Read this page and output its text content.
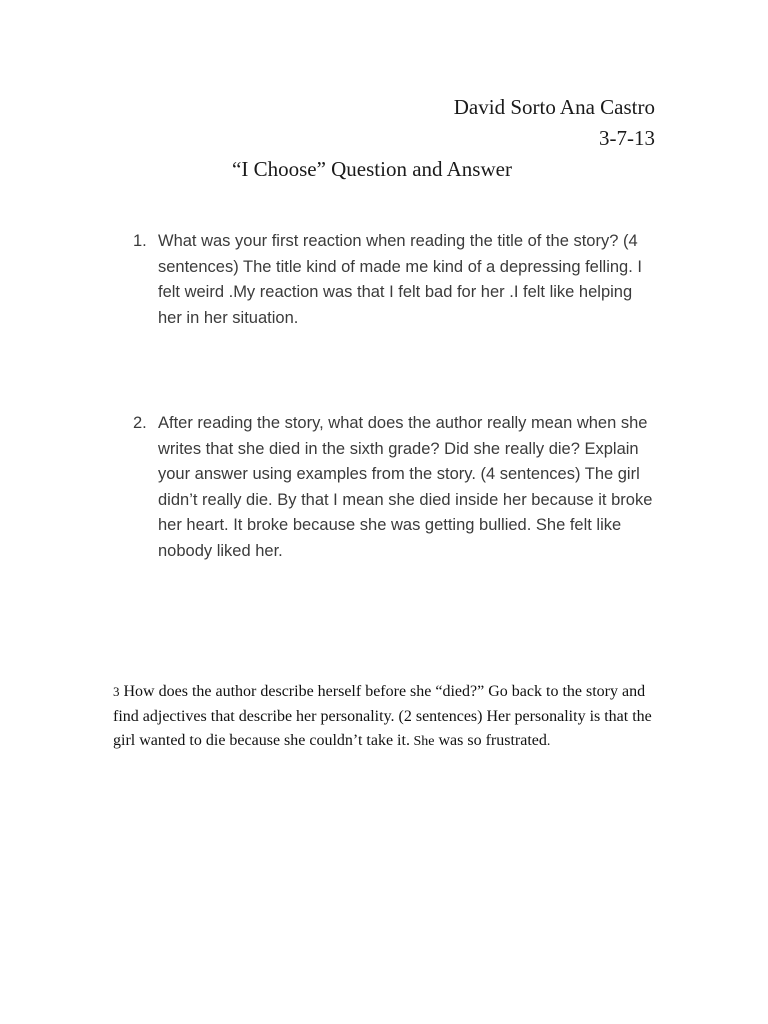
David Sorto Ana Castro
3-7-13
“I Choose” Question and Answer
1. What was your first reaction when reading the title of the story? (4 sentences) The title kind of made me kind of a depressing felling. I felt weird .My reaction was that I felt bad for her .I felt like helping her in her situation.
2. After reading the story, what does the author really mean when she writes that she died in the sixth grade? Did she really die? Explain your answer using examples from the story. (4 sentences) The girl didn’t really die. By that I mean she died inside her because it broke her heart. It broke because she was getting bullied. She felt like nobody liked her.
3 How does the author describe herself before she “died?” Go back to the story and find adjectives that describe her personality. (2 sentences) Her personality is that the girl wanted to die because she couldn’t take it. She was so frustrated.
